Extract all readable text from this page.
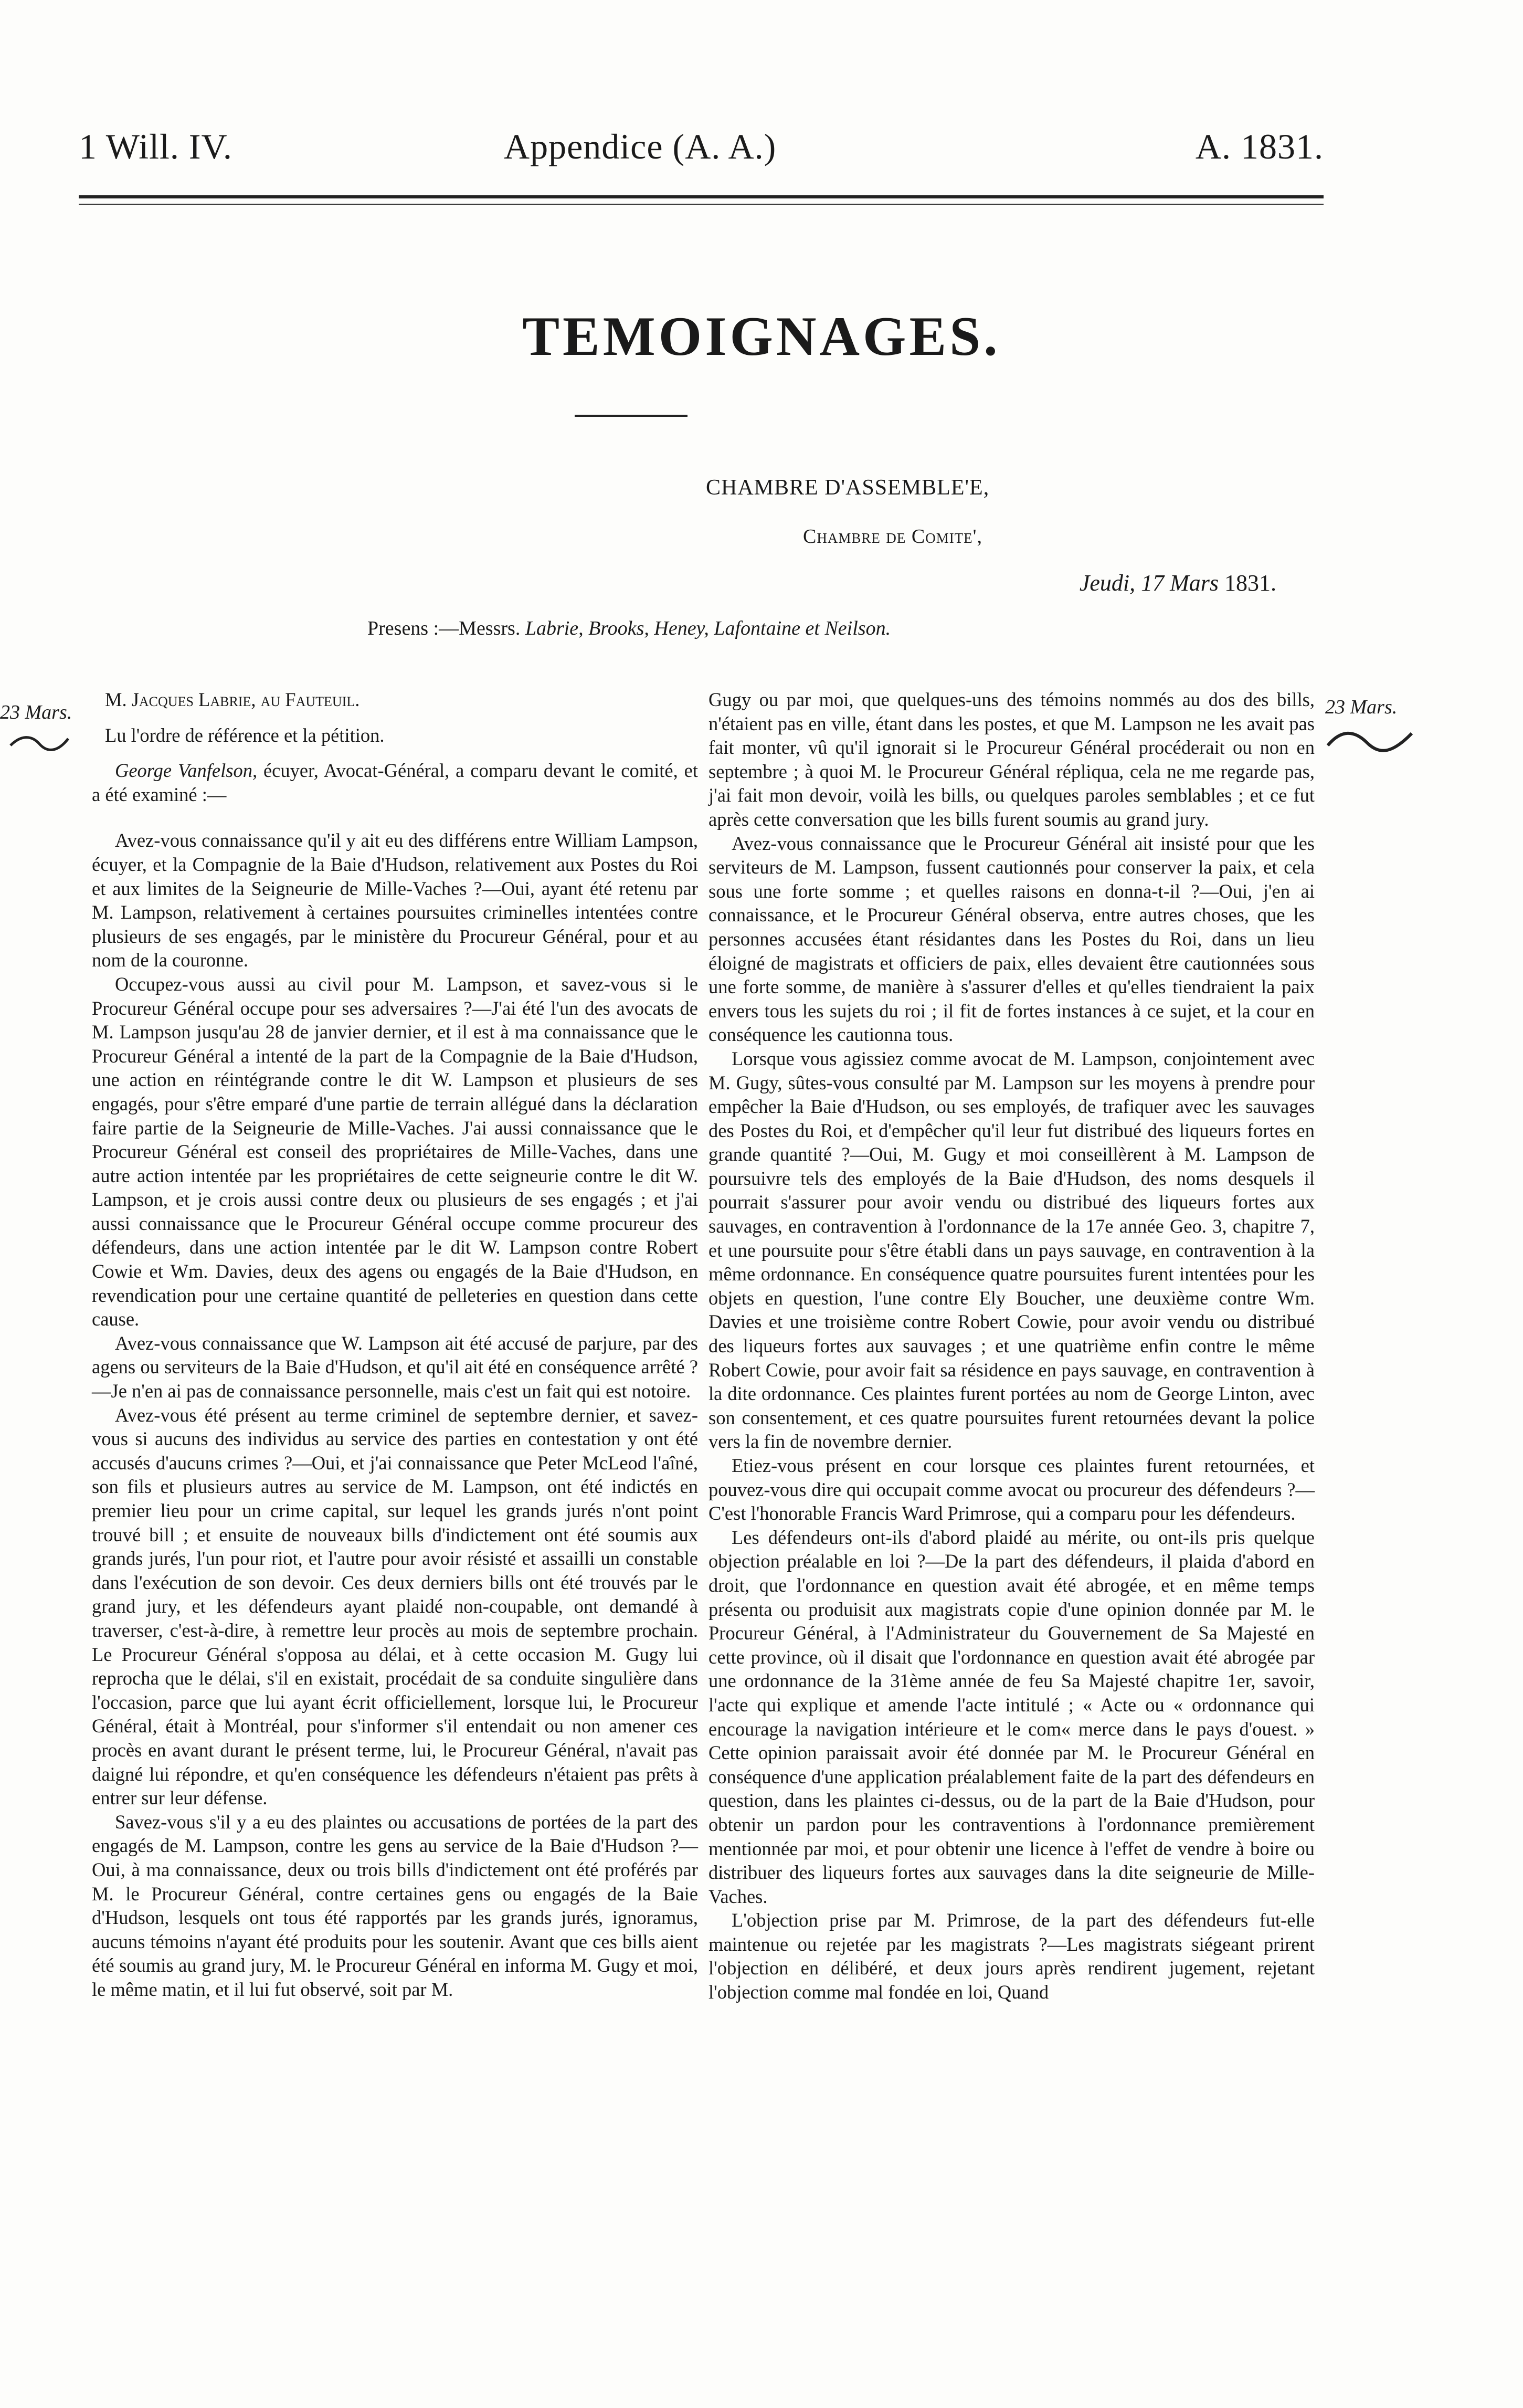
1 Will. IV.	Appendice (A. A.)	A. 1831.
TEMOIGNAGES.
CHAMBRE D'ASSEMBLE'E,
Chambre de Comite',
Jeudi, 17 Mars 1831.
Presens :—Messrs. Labrie, Brooks, Heney, Lafontaine et Neilson.
23 Mars.	23 Mars.

M. Jacques Labrie, au Fauteuil.

Lu l'ordre de référence et la pétition.

George Vanfelson, écuyer, Avocat-Général, a comparu devant le comité, et a été examiné :—

Avez-vous connaissance qu'il y ait eu des différens entre William Lampson, écuyer, et la Compagnie de la Baie d'Hudson, relativement aux Postes du Roi et aux limites de la Seigneurie de Mille-Vaches ?—Oui, ayant été retenu par M. Lampson, relativement à certaines poursuites criminelles intentées contre plusieurs de ses engagés, par le ministère du Procureur Général, pour et au nom de la couronne.

Occupez-vous aussi au civil pour M. Lampson, et savez-vous si le Procureur Général occupe pour ses adversaires ?—J'ai été l'un des avocats de M. Lampson jusqu'au 28 de janvier dernier, et il est à ma connaissance que le Procureur Général a intenté de la part de la Compagnie de la Baie d'Hudson, une action en réintégrande contre le dit W. Lampson et plusieurs de ses engagés, pour s'être emparé d'une partie de terrain allégué dans la déclaration faire partie de la Seigneurie de Mille-Vaches. J'ai aussi connaissance que le Procureur Général est conseil des propriétaires de Mille-Vaches, dans une autre action intentée par les propriétaires de cette seigneurie contre le dit W. Lampson, et je crois aussi contre deux ou plusieurs de ses engagés ; et j'ai aussi connaissance que le Procureur Général occupe comme procureur des défendeurs, dans une action intentée par le dit W. Lampson contre Robert Cowie et Wm. Davies, deux des agens ou engagés de la Baie d'Hudson, en revendication pour une certaine quantité de pelleteries en question dans cette cause.

Avez-vous connaissance que W. Lampson ait été accusé de parjure, par des agens ou serviteurs de la Baie d'Hudson, et qu'il ait été en conséquence arrêté ?—Je n'en ai pas de connaissance personnelle, mais c'est un fait qui est notoire.

Avez-vous été présent au terme criminel de septembre dernier, et savez-vous si aucuns des individus au service des parties en contestation y ont été accusés d'aucuns crimes ?—Oui, et j'ai connaissance que Peter McLeod l'aîné, son fils et plusieurs autres au service de M. Lampson, ont été indictés en premier lieu pour un crime capital, sur lequel les grands jurés n'ont point trouvé bill ; et ensuite de nouveaux bills d'indictement ont été soumis aux grands jurés, l'un pour riot, et l'autre pour avoir résisté et assailli un constable dans l'exécution de son devoir. Ces deux derniers bills ont été trouvés par le grand jury, et les défendeurs ayant plaidé non-coupable, ont demandé à traverser, c'est-à-dire, à remettre leur procès au mois de septembre prochain. Le Procureur Général s'opposa au délai, et à cette occasion M. Gugy lui reprocha que le délai, s'il en existait, procédait de sa conduite singulière dans l'occasion, parce que lui ayant écrit officiellement, lorsque lui, le Procureur Général, était à Montréal, pour s'informer s'il entendait ou non amener ces procès en avant durant le présent terme, lui, le Procureur Général, n'avait pas daigné lui répondre, et qu'en conséquence les défendeurs n'étaient pas prêts à entrer sur leur défense.

Savez-vous s'il y a eu des plaintes ou accusations de portées de la part des engagés de M. Lampson, contre les gens au service de la Baie d'Hudson ?—Oui, à ma connaissance, deux ou trois bills d'indictement ont été proférés par M. le Procureur Général, contre certaines gens ou engagés de la Baie d'Hudson, lesquels ont tous été rapportés par les grands jurés, ignoramus, aucuns témoins n'ayant été produits pour les soutenir. Avant que ces bills aient été soumis au grand jury, M. le Procureur Général en informa M. Gugy et moi, le même matin, et il lui fut observé, soit par M.

Gugy ou par moi, que quelques-uns des témoins nommés au dos des bills, n'étaient pas en ville, étant dans les postes, et que M. Lampson ne les avait pas fait monter, vû qu'il ignorait si le Procureur Général procéderait ou non en septembre ; à quoi M. le Procureur Général répliqua, cela ne me regarde pas, j'ai fait mon devoir, voilà les bills, ou quelques paroles semblables ; et ce fut après cette conversation que les bills furent soumis au grand jury.

Avez-vous connaissance que le Procureur Général ait insisté pour que les serviteurs de M. Lampson, fussent cautionnés pour conserver la paix, et cela sous une forte somme ; et quelles raisons en donna-t-il ?—Oui, j'en ai connaissance, et le Procureur Général observa, entre autres choses, que les personnes accusées étant résidantes dans les Postes du Roi, dans un lieu éloigné de magistrats et officiers de paix, elles devaient être cautionnées sous une forte somme, de manière à s'assurer d'elles et qu'elles tiendraient la paix envers tous les sujets du roi ; il fit de fortes instances à ce sujet, et la cour en conséquence les cautionna tous.

Lorsque vous agissiez comme avocat de M. Lampson, conjointement avec M. Gugy, sûtes-vous consulté par M. Lampson sur les moyens à prendre pour empêcher la Baie d'Hudson, ou ses employés, de trafiquer avec les sauvages des Postes du Roi, et d'empêcher qu'il leur fut distribué des liqueurs fortes en grande quantité ?—Oui, M. Gugy et moi conseillèrent à M. Lampson de poursuivre tels des employés de la Baie d'Hudson, des noms desquels il pourrait s'assurer pour avoir vendu ou distribué des liqueurs fortes aux sauvages, en contravention à l'ordonnance de la 17e année Geo. 3, chapitre 7, et une poursuite pour s'être établi dans un pays sauvage, en contravention à la même ordonnance. En conséquence quatre poursuites furent intentées pour les objets en question, l'une contre Ely Boucher, une deuxième contre Wm. Davies et une troisième contre Robert Cowie, pour avoir vendu ou distribué des liqueurs fortes aux sauvages ; et une quatrième enfin contre le même Robert Cowie, pour avoir fait sa résidence en pays sauvage, en contravention à la dite ordonnance. Ces plaintes furent portées au nom de George Linton, avec son consentement, et ces quatre poursuites furent retournées devant la police vers la fin de novembre dernier.

Etiez-vous présent en cour lorsque ces plaintes furent retournées, et pouvez-vous dire qui occupait comme avocat ou procureur des défendeurs ?—C'est l'honorable Francis Ward Primrose, qui a comparu pour les défendeurs.

Les défendeurs ont-ils d'abord plaidé au mérite, ou ont-ils pris quelque objection préalable en loi ?—De la part des défendeurs, il plaida d'abord en droit, que l'ordonnance en question avait été abrogée, et en même temps présenta ou produisit aux magistrats copie d'une opinion donnée par M. le Procureur Général, à l'Administrateur du Gouvernement de Sa Majesté en cette province, où il disait que l'ordonnance en question avait été abrogée par une ordonnance de la 31ème année de feu Sa Majesté chapitre 1er, savoir, l'acte qui explique et amende l'acte intitulé ; « Acte ou « ordonnance qui encourage la navigation intérieure et le com« merce dans le pays d'ouest. » Cette opinion paraissait avoir été donnée par M. le Procureur Général en conséquence d'une application préalablement faite de la part des défendeurs en question, dans les plaintes ci-dessus, ou de la part de la Baie d'Hudson, pour obtenir un pardon pour les contraventions à l'ordonnance premièrement mentionnée par moi, et pour obtenir une licence à l'effet de vendre à boire ou distribuer des liqueurs fortes aux sauvages dans la dite seigneurie de Mille-Vaches.

L'objection prise par M. Primrose, de la part des défendeurs fut-elle maintenue ou rejetée par les magistrats ?—Les magistrats siégeant prirent l'objection en délibéré, et deux jours après rendirent jugement, rejetant l'objection comme mal fondée en loi, Quand
